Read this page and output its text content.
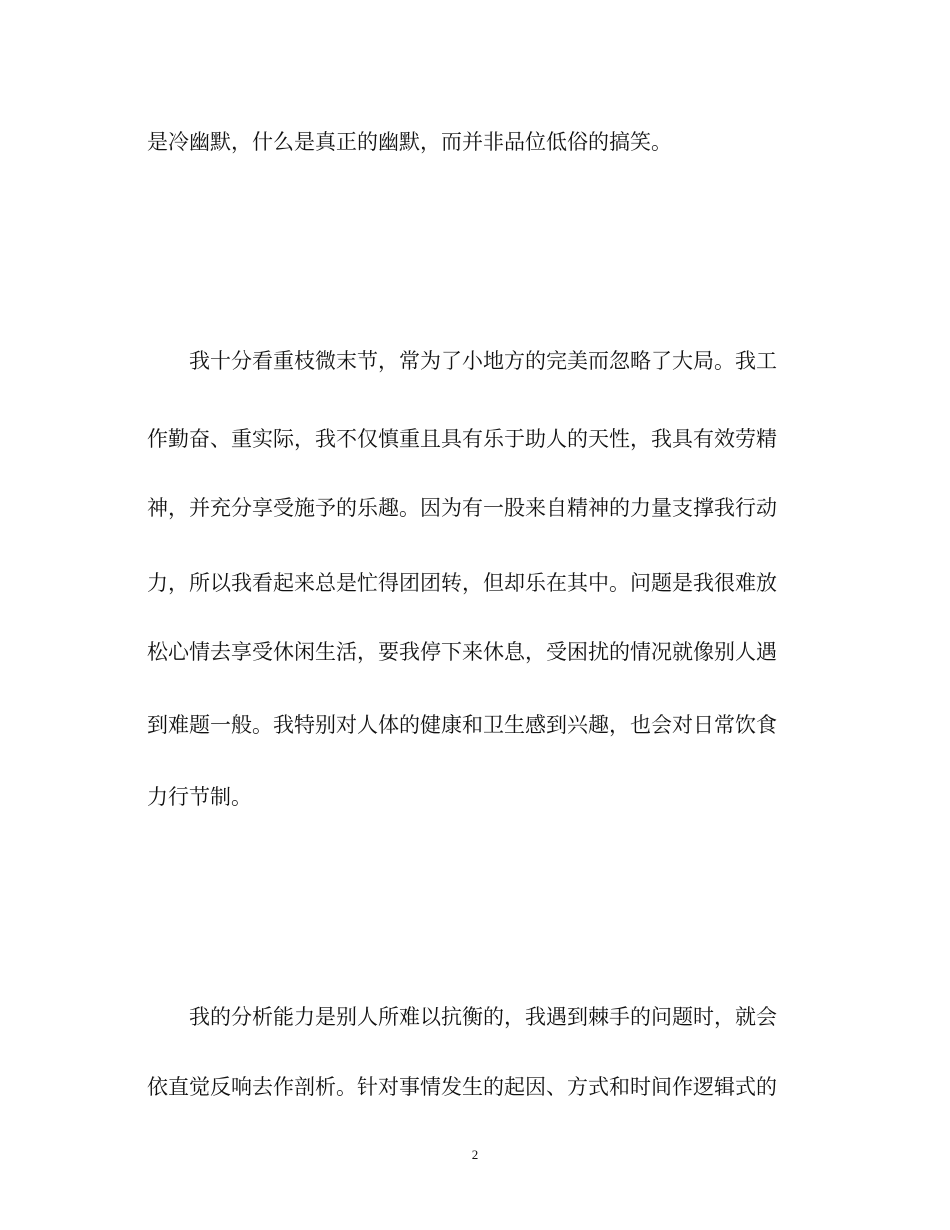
是冷幽默，什么是真正的幽默，而并非品位低俗的搞笑。
我十分看重枝微末节，常为了小地方的完美而忽略了大局。我工
作勤奋、重实际，我不仅慎重且具有乐于助人的天性，我具有效劳精
神，并充分享受施予的乐趣。因为有一股来自精神的力量支撑我行动
力，所以我看起来总是忙得团团转，但却乐在其中。问题是我很难放
松心情去享受休闲生活，要我停下来休息，受困扰的情况就像别人遇
到难题一般。我特别对人体的健康和卫生感到兴趣，也会对日常饮食
力行节制。
我的分析能力是别人所难以抗衡的，我遇到棘手的问题时，就会
依直觉反响去作剖析。针对事情发生的起因、方式和时间作逻辑式的
2
